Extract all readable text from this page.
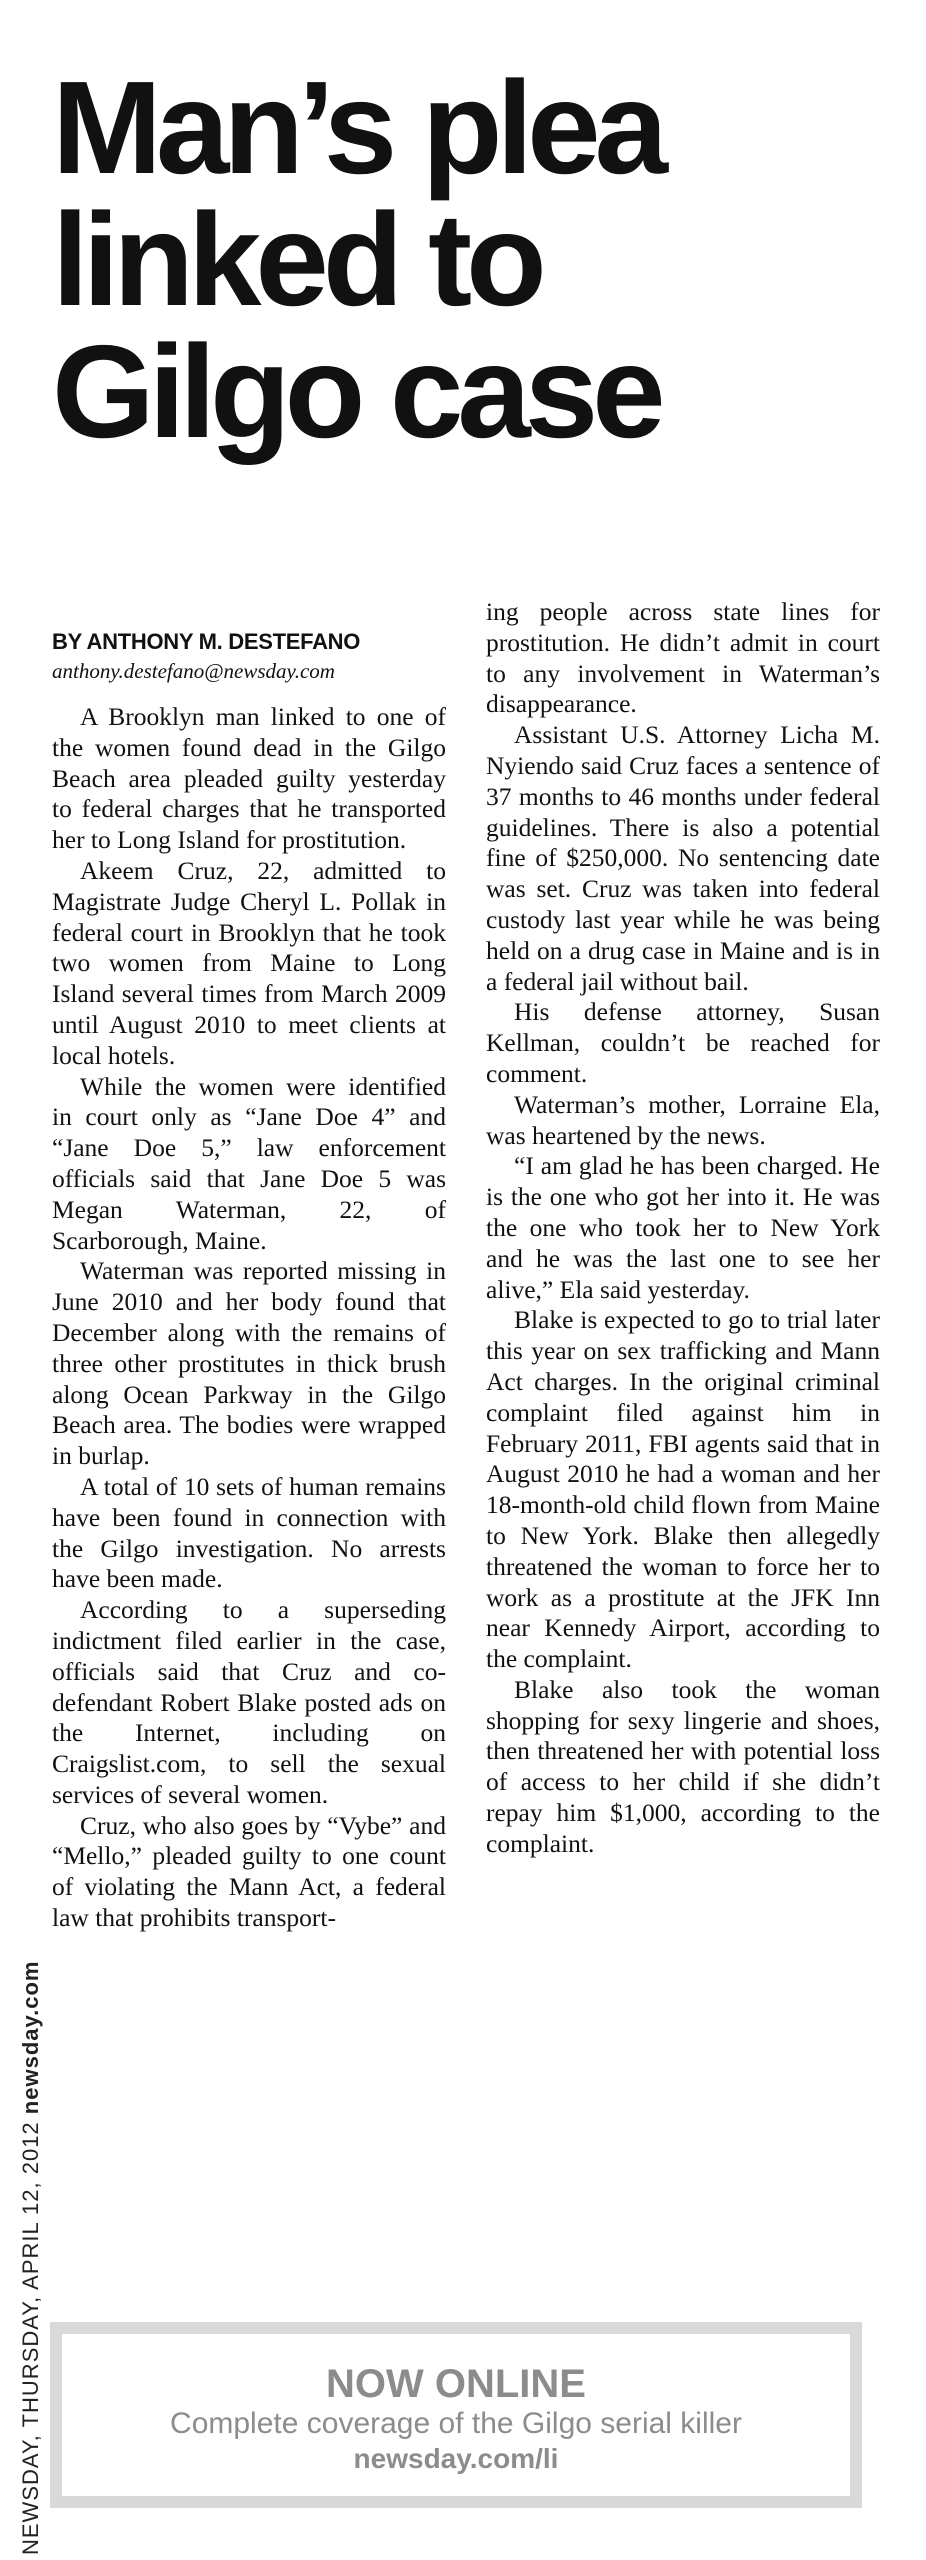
Man’s plea
linked to
Gilgo case
BY ANTHONY M. DESTEFANO
anthony.destefano@newsday.com

A Brooklyn man linked to one of the women found dead in the Gilgo Beach area pleaded guilty yesterday to federal charges that he transported her to Long Island for prostitution.

Akeem Cruz, 22, admitted to Magistrate Judge Cheryl L. Pollak in federal court in Brooklyn that he took two women from Maine to Long Island several times from March 2009 until August 2010 to meet clients at local hotels.

While the women were identified in court only as “Jane Doe 4” and “Jane Doe 5,” law enforcement officials said that Jane Doe 5 was Megan Waterman, 22, of Scarborough, Maine.

Waterman was reported missing in June 2010 and her body found that December along with the remains of three other prostitutes in thick brush along Ocean Parkway in the Gilgo Beach area. The bodies were wrapped in burlap.

A total of 10 sets of human remains have been found in connection with the Gilgo investigation. No arrests have been made.

According to a superseding indictment filed earlier in the case, officials said that Cruz and co-defendant Robert Blake posted ads on the Internet, including on Craigslist.com, to sell the sexual services of several women.

Cruz, who also goes by “Vybe” and “Mello,” pleaded guilty to one count of violating the Mann Act, a federal law that prohibits transport-

ing people across state lines for prostitution. He didn’t admit in court to any involvement in Waterman’s disappearance.

Assistant U.S. Attorney Licha M. Nyiendo said Cruz faces a sentence of 37 months to 46 months under federal guidelines. There is also a potential fine of $250,000. No sentencing date was set. Cruz was taken into federal custody last year while he was being held on a drug case in Maine and is in a federal jail without bail.

His defense attorney, Susan Kellman, couldn’t be reached for comment.

Waterman’s mother, Lorraine Ela, was heartened by the news.

“I am glad he has been charged. He is the one who got her into it. He was the one who took her to New York and he was the last one to see her alive,” Ela said yesterday.

Blake is expected to go to trial later this year on sex trafficking and Mann Act charges. In the original criminal complaint filed against him in February 2011, FBI agents said that in August 2010 he had a woman and her 18-month-old child flown from Maine to New York. Blake then allegedly threatened the woman to force her to work as a prostitute at the JFK Inn near Kennedy Airport, according to the complaint.

Blake also took the woman shopping for sexy lingerie and shoes, then threatened her with potential loss of access to her child if she didn’t repay him $1,000, according to the complaint.

NEWSDAY, THURSDAY, APRIL 12, 2012 newsday.com
NOW ONLINE
Complete coverage of the Gilgo serial killer
newsday.com/li
